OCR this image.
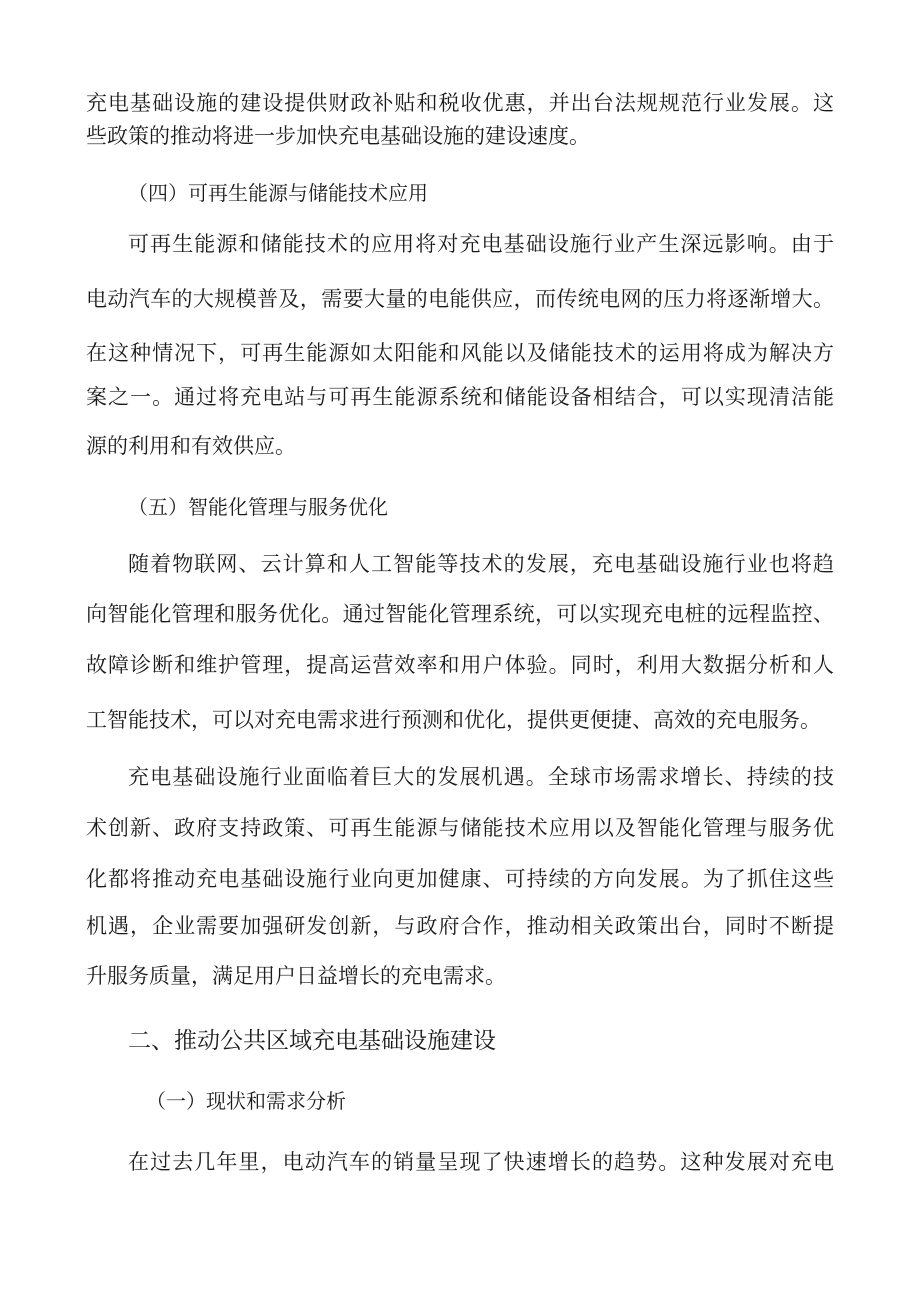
充电基础设施的建设提供财政补贴和税收优惠，并出台法规规范行业发展。这
些政策的推动将进一步加快充电基础设施的建设速度。
（四）可再生能源与储能技术应用
可再生能源和储能技术的应用将对充电基础设施行业产生深远影响。由于
电动汽车的大规模普及，需要大量的电能供应，而传统电网的压力将逐渐增大。
在这种情况下，可再生能源如太阳能和风能以及储能技术的运用将成为解决方
案之一。通过将充电站与可再生能源系统和储能设备相结合，可以实现清洁能
源的利用和有效供应。
（五）智能化管理与服务优化
随着物联网、云计算和人工智能等技术的发展，充电基础设施行业也将趋
向智能化管理和服务优化。通过智能化管理系统，可以实现充电桩的远程监控、
故障诊断和维护管理，提高运营效率和用户体验。同时，利用大数据分析和人
工智能技术，可以对充电需求进行预测和优化，提供更便捷、高效的充电服务。
充电基础设施行业面临着巨大的发展机遇。全球市场需求增长、持续的技
术创新、政府支持政策、可再生能源与储能技术应用以及智能化管理与服务优
化都将推动充电基础设施行业向更加健康、可持续的方向发展。为了抓住这些
机遇，企业需要加强研发创新，与政府合作，推动相关政策出台，同时不断提
升服务质量，满足用户日益增长的充电需求。
二、推动公共区域充电基础设施建设
（一）现状和需求分析
在过去几年里，电动汽车的销量呈现了快速增长的趋势。这种发展对充电
